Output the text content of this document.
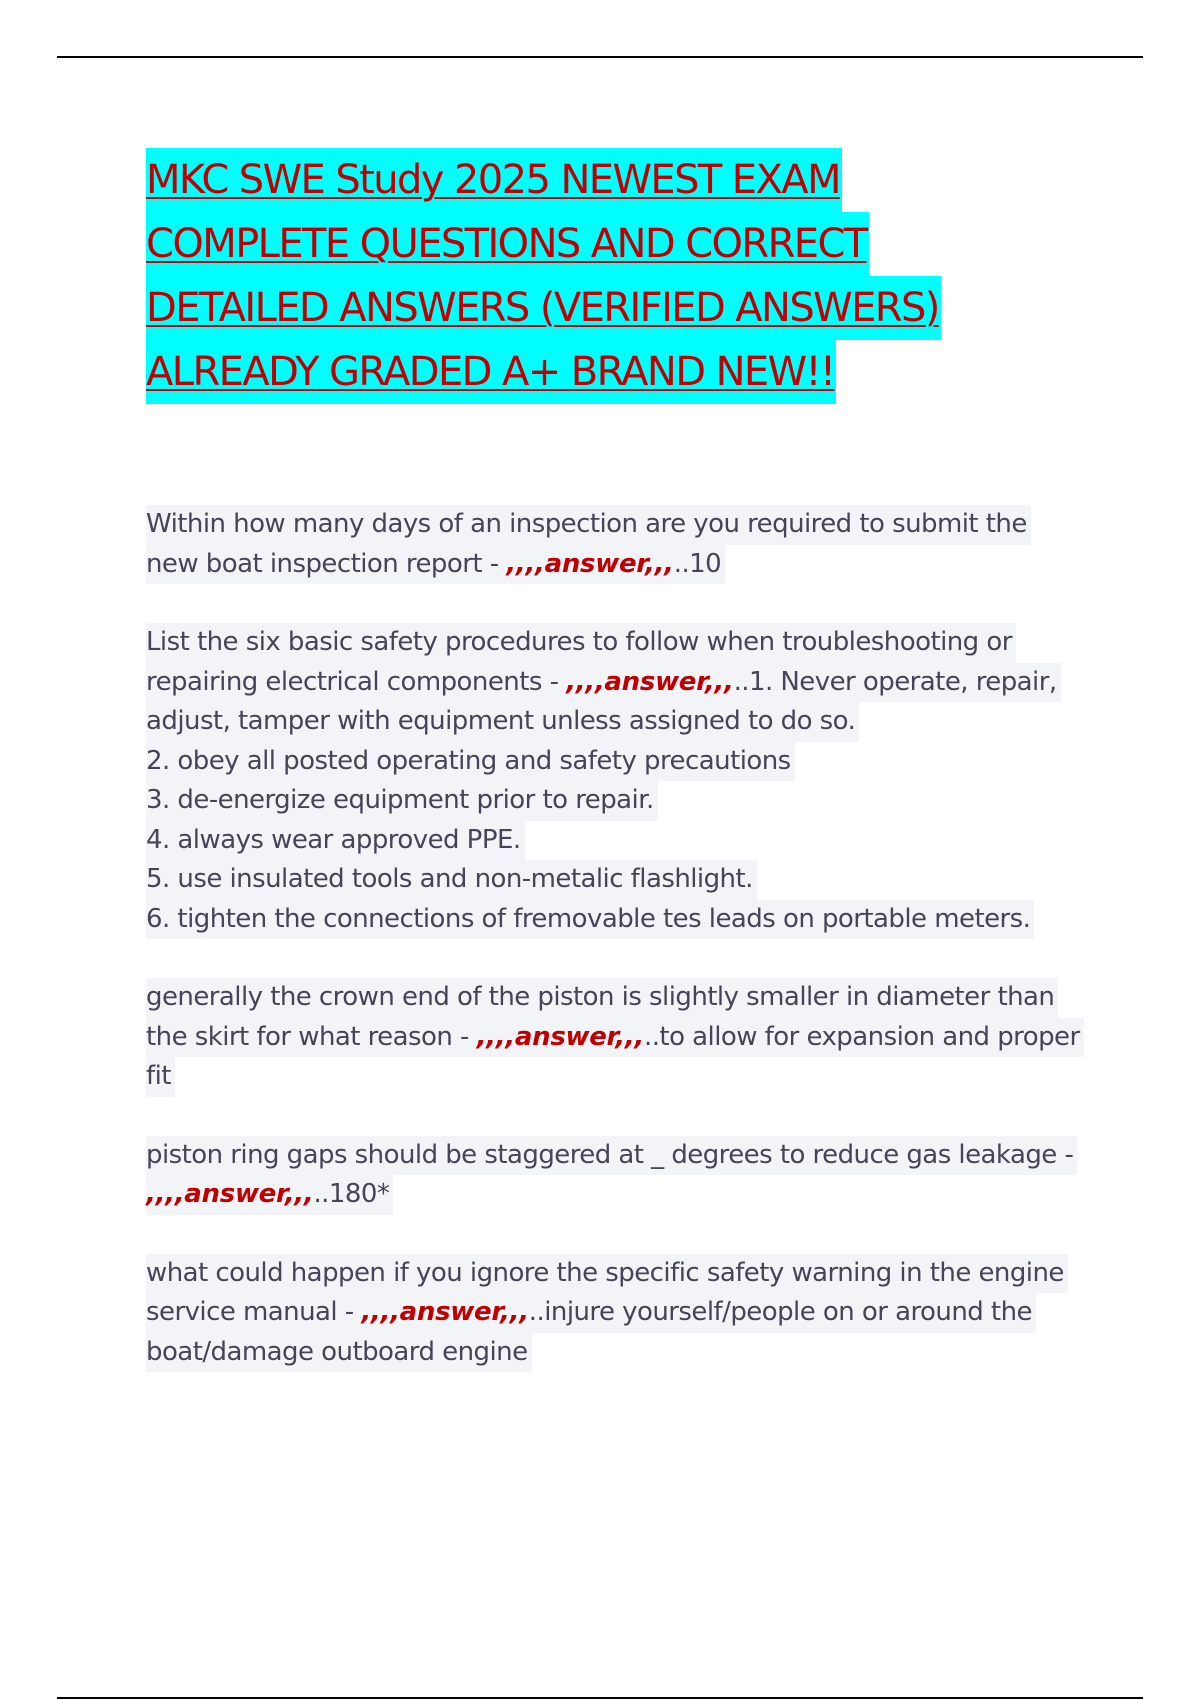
MKC SWE Study 2025 NEWEST EXAM
COMPLETE QUESTIONS AND CORRECT
DETAILED ANSWERS (VERIFIED ANSWERS)
ALREADY GRADED A+ BRAND NEW!!
Within how many days of an inspection are you required to submit the
new boat inspection report - ,,,,answer,,,..10
List the six basic safety procedures to follow when troubleshooting or
repairing electrical components - ,,,,answer,,,..1. Never operate, repair,
adjust, tamper with equipment unless assigned to do so.
2. obey all posted operating and safety precautions
3. de-energize equipment prior to repair.
4. always wear approved PPE.
5. use insulated tools and non-metalic flashlight.
6. tighten the connections of fremovable tes leads on portable meters.
generally the crown end of the piston is slightly smaller in diameter than
the skirt for what reason - ,,,,answer,,,..to allow for expansion and proper
fit
piston ring gaps should be staggered at _ degrees to reduce gas leakage -
,,,,answer,,,..180*
what could happen if you ignore the specific safety warning in the engine
service manual - ,,,,answer,,,..injure yourself/people on or around the
boat/damage outboard engine
